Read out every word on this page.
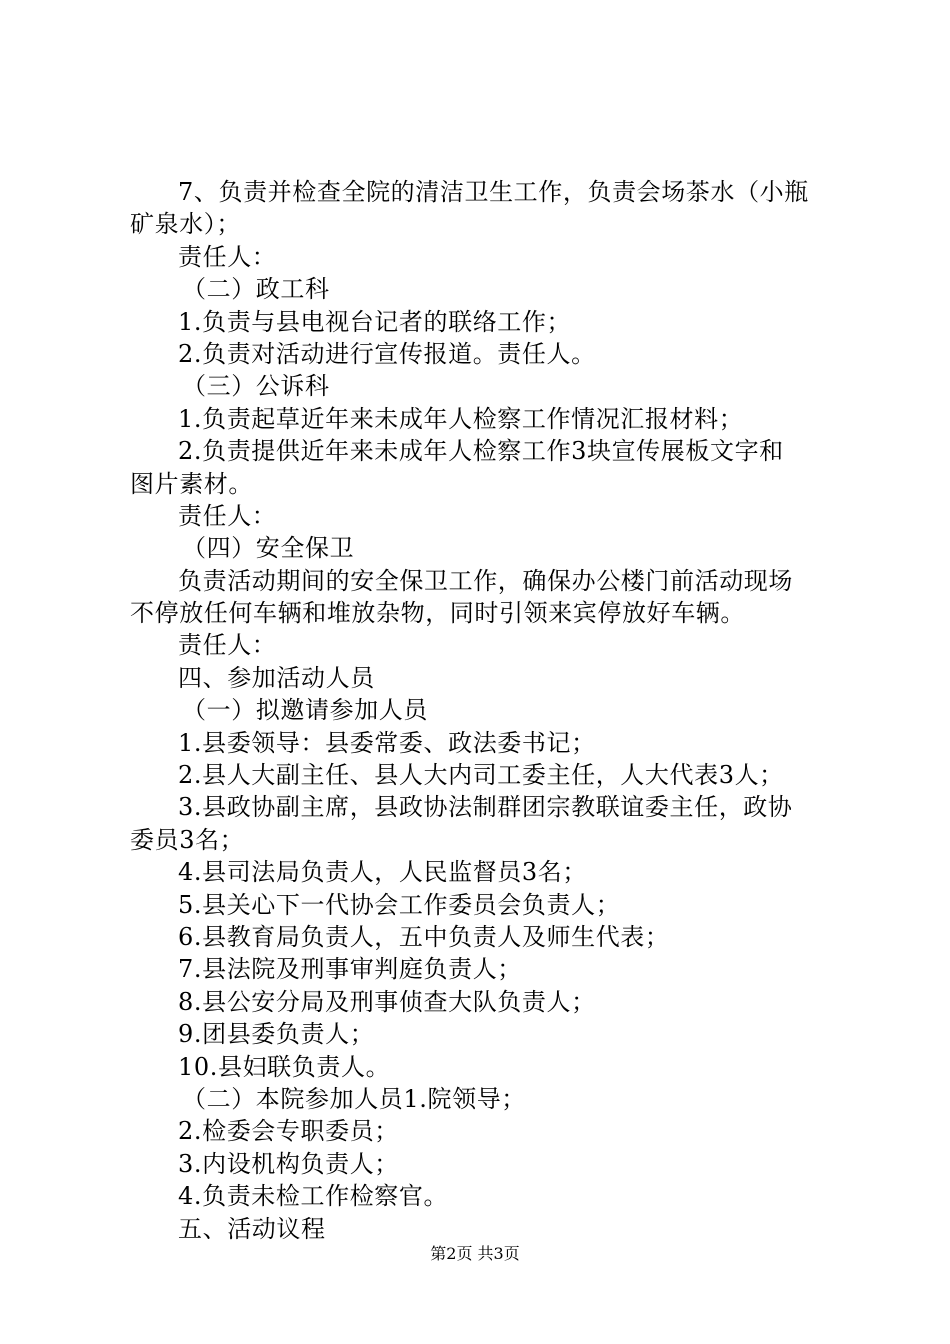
7、负责并检查全院的清洁卫生工作，负责会场茶水（小瓶
矿泉水）；
责任人：
（二）政工科
1.负责与县电视台记者的联络工作；
2.负责对活动进行宣传报道。责任人。
（三）公诉科
1.负责起草近年来未成年人检察工作情况汇报材料；
2.负责提供近年来未成年人检察工作3块宣传展板文字和
图片素材。
责任人：
（四）安全保卫
负责活动期间的安全保卫工作，确保办公楼门前活动现场
不停放任何车辆和堆放杂物，同时引领来宾停放好车辆。
责任人：
四、参加活动人员
（一）拟邀请参加人员
1.县委领导：县委常委、政法委书记；
2.县人大副主任、县人大内司工委主任，人大代表3人；
3.县政协副主席，县政协法制群团宗教联谊委主任，政协
委员3名；
4.县司法局负责人，人民监督员3名；
5.县关心下一代协会工作委员会负责人；
6.县教育局负责人，五中负责人及师生代表；
7.县法院及刑事审判庭负责人；
8.县公安分局及刑事侦查大队负责人；
9.团县委负责人；
10.县妇联负责人。
（二）本院参加人员1.院领导；
2.检委会专职委员；
3.内设机构负责人；
4.负责未检工作检察官。
五、活动议程
第2页 共3页
